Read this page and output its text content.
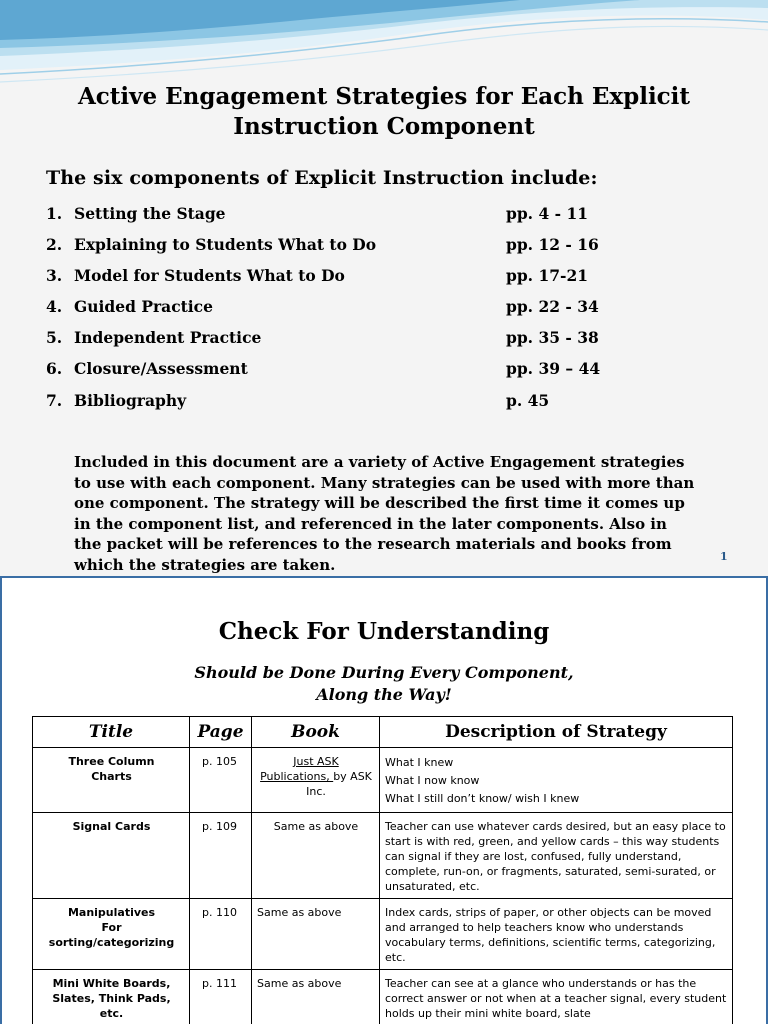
Active Engagement Strategies for Each Explicit
Instruction Component

The six components of Explicit Instruction include:

1. Setting the Stage	pp. 4 - 11
2. Explaining to Students What to Do	pp. 12 - 16
3. Model for Students What to Do	pp. 17-21
4. Guided Practice	pp. 22 - 34
5. Independent Practice	pp. 35 - 38
6. Closure/Assessment	pp. 39 – 44
7. Bibliography	p. 45

Included in this document are a variety of Active Engagement strategies
to use with each component. Many strategies can be used with more than
one component. The strategy will be described the first time it comes up
in the component list, and referenced in the later components. Also in
the packet will be references to the research materials and books from
which the strategies are taken.	1
Check For Understanding

Should be Done During Every Component,
Along the Way!

Title	Page	Book	Description of Strategy
Three Column
Charts	p. 105	Just ASK
Publications, by ASK Inc.	What I knew
What I now know
What I still don’t know/ wish I knew

Signal Cards	p. 109	Same as above	Teacher can use whatever cards desired, but an easy place to start is with red, green, and yellow cards – this way students can signal if they are lost, confused, fully understand, complete, run-on, or fragments, saturated, semi-surated, or unsaturated, etc.
Manipulatives
For
sorting/categorizing	p. 110	Same as above	Index cards, strips of paper, or other objects can be moved and arranged to help teachers know who understands vocabulary terms, definitions, scientific terms, categorizing, etc.
Mini White Boards,
Slates, Think Pads,
etc.	p. 111	Same as above	Teacher can see at a glance who understands or has the correct answer or not when at a teacher signal, every student holds up their mini white board, slate
